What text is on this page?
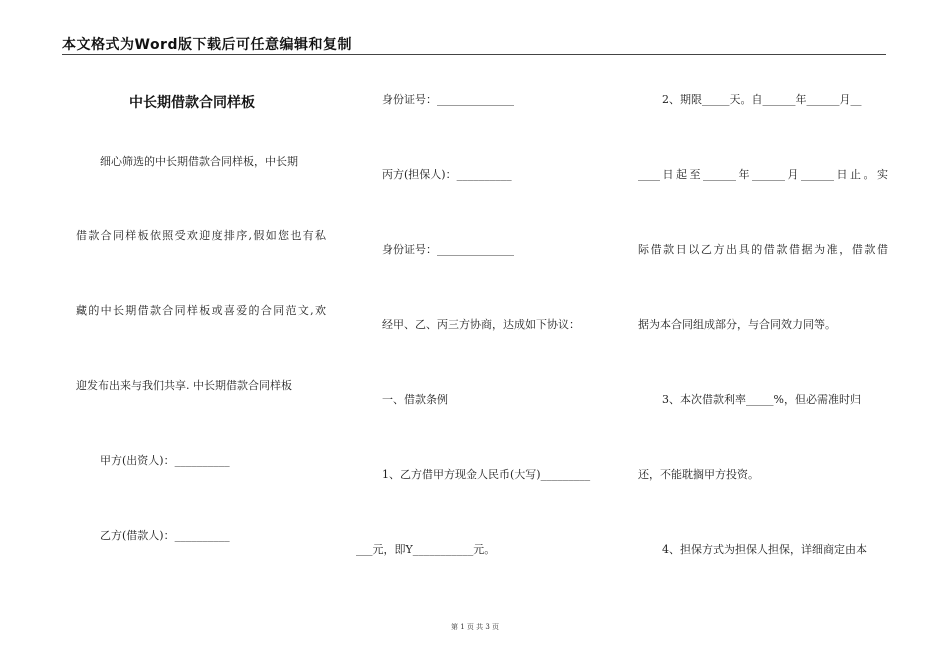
本文格式为Word版下载后可任意编辑和复制
中长期借款合同样板
细心筛选的中长期借款合同样板，中长期
借款合同样板依照受欢迎度排序,假如您也有私
藏的中长期借款合同样板或喜爱的合同范文,欢
迎发布出来与我们共享. 中长期借款合同样板
甲方(出资人)：__________
乙方(借款人)：__________
身份证号：______________
丙方(担保人)：__________
身份证号：______________
经甲、乙、丙三方协商，达成如下协议：
一、借款条例
1、乙方借甲方现金人民币(大写)_________
___元，即Y___________元。
2、期限_____天。自______年______月__
____日起至______年______月______日止。实
际借款日以乙方出具的借款借据为准，借款借
据为本合同组成部分，与合同效力同等。
3、本次借款利率_____%，但必需准时归
还，不能耽搁甲方投资。
4、担保方式为担保人担保，详细商定由本
第 1 页 共 3 页
